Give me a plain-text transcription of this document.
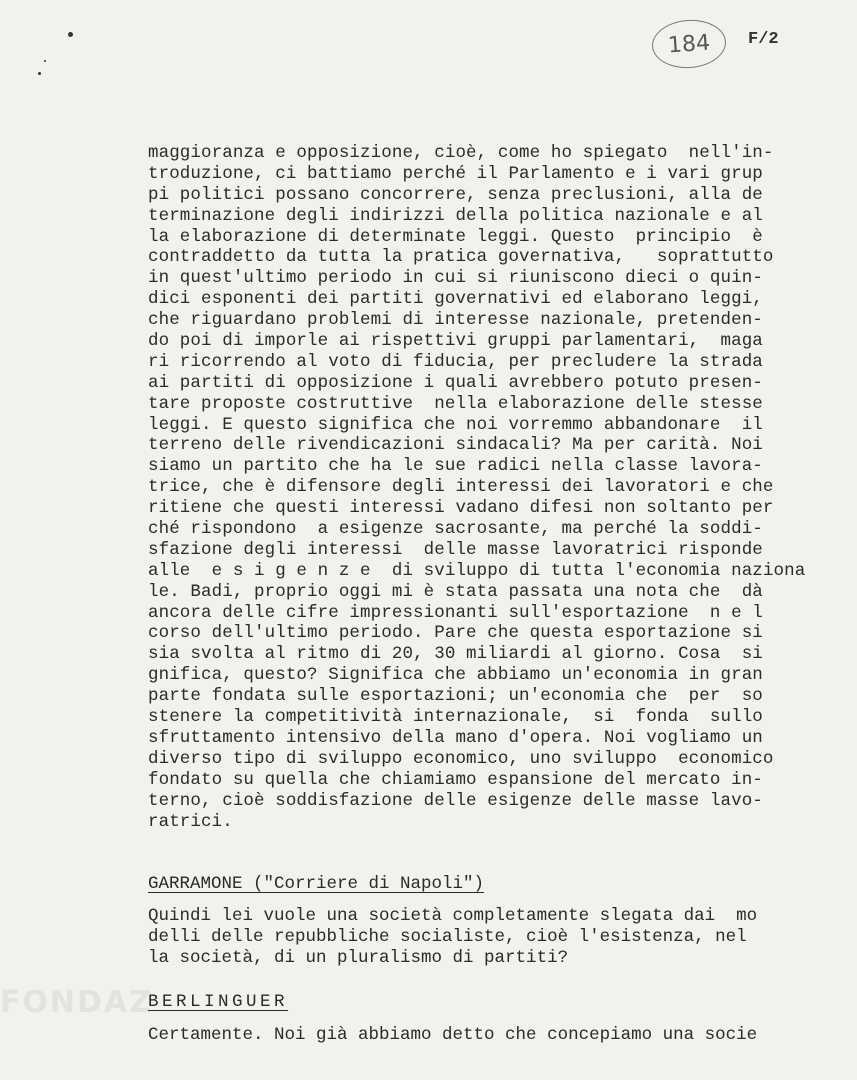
184	F/2
maggioranza e opposizione, cioè, come ho spiegato  nell'in-
troduzione, ci battiamo perché il Parlamento e i vari grup
pi politici possano concorrere, senza preclusioni, alla de
terminazione degli indirizzi della politica nazionale e al
la elaborazione di determinate leggi. Questo  principio  è
contraddetto da tutta la pratica governativa,   soprattutto
in quest'ultimo periodo in cui si riuniscono dieci o quin-
dici esponenti dei partiti governativi ed elaborano leggi,
che riguardano problemi di interesse nazionale, pretenden-
do poi di imporle ai rispettivi gruppi parlamentari,  maga
ri ricorrendo al voto di fiducia, per precludere la strada
ai partiti di opposizione i quali avrebbero potuto presen-
tare proposte costruttive  nella elaborazione delle stesse
leggi. E questo significa che noi vorremmo abbandonare  il
terreno delle rivendicazioni sindacali? Ma per carità. Noi
siamo un partito che ha le sue radici nella classe lavora-
trice, che è difensore degli interessi dei lavoratori e che
ritiene che questi interessi vadano difesi non soltanto per
ché rispondono  a esigenze sacrosante, ma perché la soddi-
sfazione degli interessi  delle masse lavoratrici risponde
alle  e s i g e n z e  di sviluppo di tutta l'economia naziona
le. Badi, proprio oggi mi è stata passata una nota che  dà
ancora delle cifre impressionanti sull'esportazione  n e l
corso dell'ultimo periodo. Pare che questa esportazione si
sia svolta al ritmo di 20, 30 miliardi al giorno. Cosa  si
gnifica, questo? Significa che abbiamo un'economia in gran
parte fondata sulle esportazioni; un'economia che  per  so
stenere la competitività internazionale,  si  fonda  sullo
sfruttamento intensivo della mano d'opera. Noi vogliamo un
diverso tipo di sviluppo economico, uno sviluppo  economico
fondato su quella che chiamiamo espansione del mercato in-
terno, cioè soddisfazione delle esigenze delle masse lavo-
ratrici.
GARRAMONE ("Corriere di Napoli")
Quindi lei vuole una società completamente slegata dai  mo
delli delle repubbliche socialiste, cioè l'esistenza, nel
la società, di un pluralismo di partiti?
BERLINGUER
Certamente. Noi già abbiamo detto che concepiamo una socie
FONDAZ
